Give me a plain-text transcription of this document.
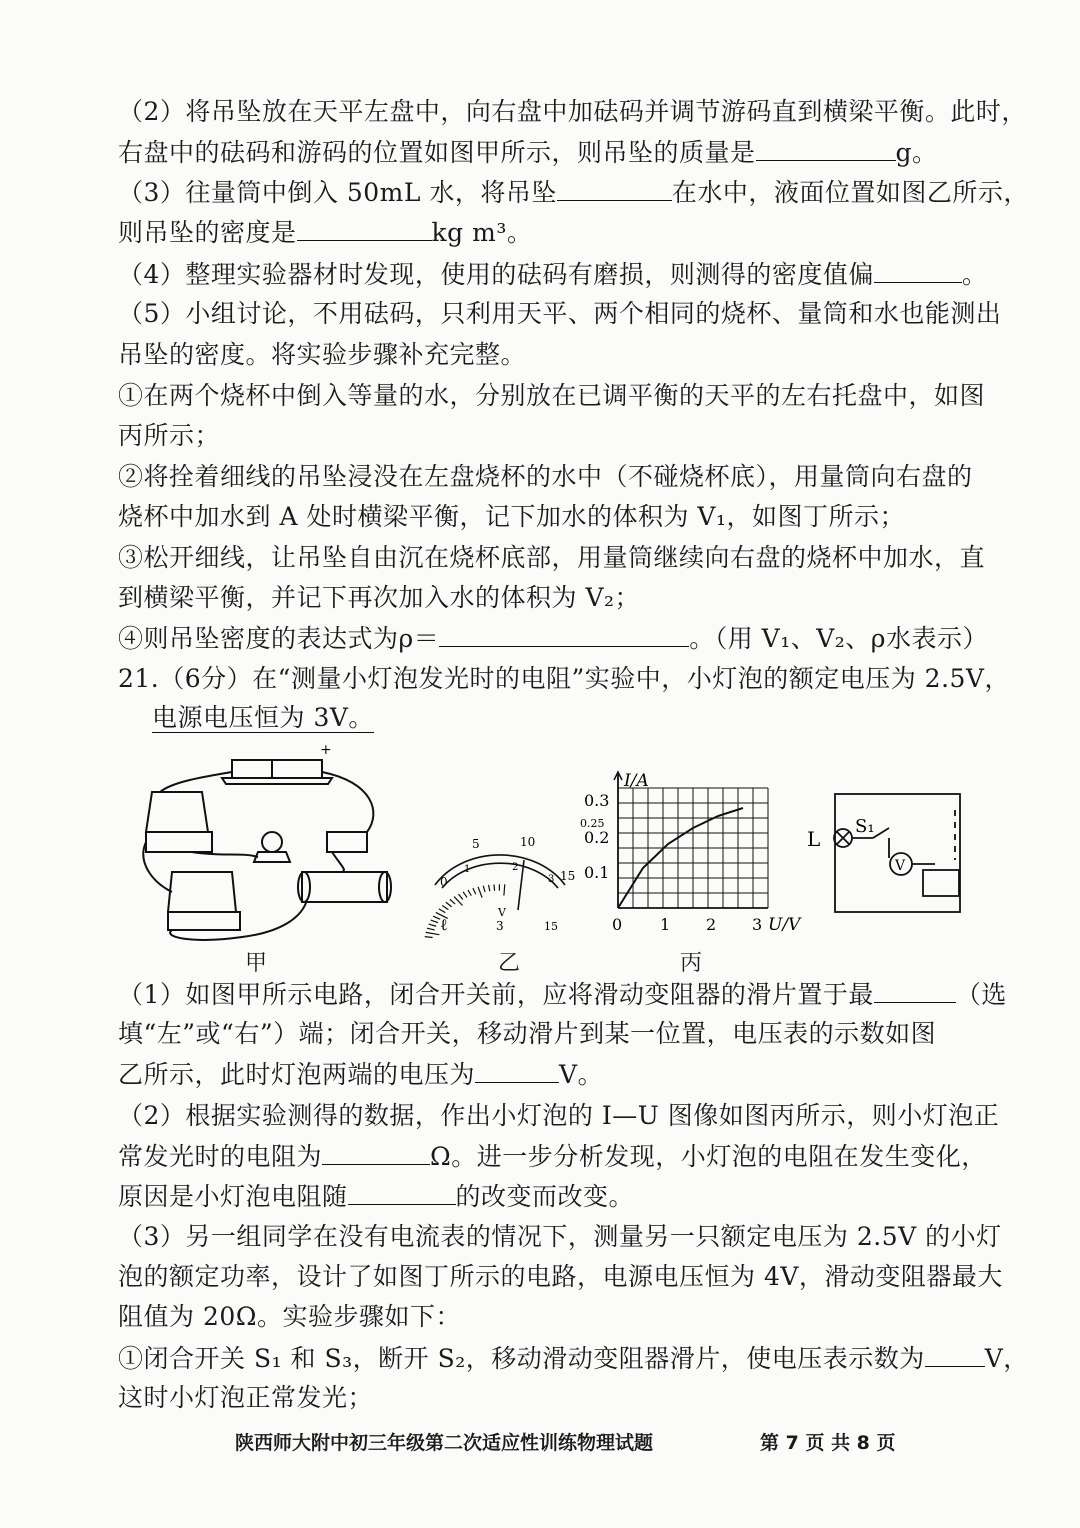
（2）将吊坠放在天平左盘中，向右盘中加砝码并调节游码直到横梁平衡。此时，
右盘中的砝码和游码的位置如图甲所示，则吊坠的质量是	g。
（3）往量筒中倒入 50mL 水，将吊坠	在水中，液面位置如图乙所示，
则吊坠的密度是	kg m³。
（4）整理实验器材时发现，使用的砝码有磨损，则测得的密度值偏	。
（5）小组讨论，不用砝码，只利用天平、两个相同的烧杯、量筒和水也能测出
吊坠的密度。将实验步骤补充完整。
①在两个烧杯中倒入等量的水，分别放在已调平衡的天平的左右托盘中，如图
丙所示；
②将拴着细线的吊坠浸没在左盘烧杯的水中（不碰烧杯底），用量筒向右盘的
烧杯中加水到 A 处时横梁平衡，记下加水的体积为 V₁，如图丁所示；
③松开细线，让吊坠自由沉在烧杯底部，用量筒继续向右盘的烧杯中加水，直
到横梁平衡，并记下再次加入水的体积为 V₂；
④则吊坠密度的表达式为ρ＝	。（用 V₁、V₂、ρ水表示）
21.（6分）在“测量小灯泡发光时的电阻”实验中，小灯泡的额定电压为 2.5V，
电源电压恒为 3V。
+
0
5	10
15
1	2
3
V
ℓ	3	15
I/A
U/V
0.3
0.25
0.2
0.1
0 1 2 3
L
S₁
V
甲	乙	丙
（1）如图甲所示电路，闭合开关前，应将滑动变阻器的滑片置于最	（选
填“左”或“右”）端；闭合开关，移动滑片到某一位置，电压表的示数如图
乙所示，此时灯泡两端的电压为	V。
（2）根据实验测得的数据，作出小灯泡的 I—U 图像如图丙所示，则小灯泡正
常发光时的电阻为	Ω。进一步分析发现，小灯泡的电阻在发生变化，
原因是小灯泡电阻随	的改变而改变。
（3）另一组同学在没有电流表的情况下，测量另一只额定电压为 2.5V 的小灯
泡的额定功率，设计了如图丁所示的电路，电源电压恒为 4V，滑动变阻器最大
阻值为 20Ω。实验步骤如下：
①闭合开关 S₁ 和 S₃，断开 S₂，移动滑动变阻器滑片，使电压表示数为 V，
这时小灯泡正常发光；
陕西师大附中初三年级第二次适应性训练物理试题	第 7 页 共 8 页
